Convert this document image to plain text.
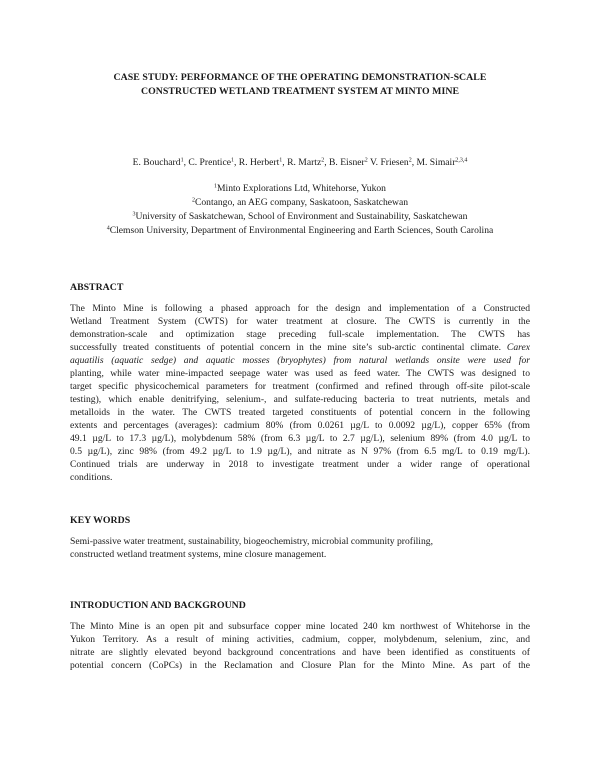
CASE STUDY: PERFORMANCE OF THE OPERATING DEMONSTRATION-SCALE
CONSTRUCTED WETLAND TREATMENT SYSTEM AT MINTO MINE
E. Bouchard$^1$, C. Prentice$^1$, R. Herbert$^1$, R. Martz$^2$, B. Eisner$^2$ V. Friesen$^2$, M. Simair$^{2,3,4}$
$^1$Minto Explorations Ltd, Whitehorse, Yukon
$^2$Contango, an AEG company, Saskatoon, Saskatchewan
$^3$University of Saskatchewan, School of Environment and Sustainability, Saskatchewan
$^4$Clemson University, Department of Environmental Engineering and Earth Sciences, South Carolina
ABSTRACT
The Minto Mine is following a phased approach for the design and implementation of a Constructed
Wetland Treatment System (CWTS) for water treatment at closure. The CWTS is currently in the
demonstration-scale and optimization stage preceding full-scale implementation. The CWTS has
successfully treated constituents of potential concern in the mine site’s sub-arctic continental climate. Carex
aquatilis (aquatic sedge) and aquatic mosses (bryophytes) from natural wetlands onsite were used for
planting, while water mine-impacted seepage water was used as feed water. The CWTS was designed to
target specific physicochemical parameters for treatment (confirmed and refined through off-site pilot-scale
testing), which enable denitrifying, selenium-, and sulfate-reducing bacteria to treat nutrients, metals and
metalloids in the water. The CWTS treated targeted constituents of potential concern in the following
extents and percentages (averages): cadmium 80% (from 0.0261 µg/L to 0.0092 µg/L), copper 65% (from
49.1 µg/L to 17.3 µg/L), molybdenum 58% (from 6.3 µg/L to 2.7 µg/L), selenium 89% (from 4.0 µg/L to
0.5 µg/L), zinc 98% (from 49.2 µg/L to 1.9 µg/L), and nitrate as N 97% (from 6.5 mg/L to 0.19 mg/L).
Continued trials are underway in 2018 to investigate treatment under a wider range of operational
conditions.
KEY WORDS
Semi-passive water treatment, sustainability, biogeochemistry, microbial community profiling,
constructed wetland treatment systems, mine closure management.
INTRODUCTION AND BACKGROUND
The Minto Mine is an open pit and subsurface copper mine located 240 km northwest of Whitehorse in the
Yukon Territory. As a result of mining activities, cadmium, copper, molybdenum, selenium, zinc, and
nitrate are slightly elevated beyond background concentrations and have been identified as constituents of
potential concern (CoPCs) in the Reclamation and Closure Plan for the Minto Mine. As part of the
